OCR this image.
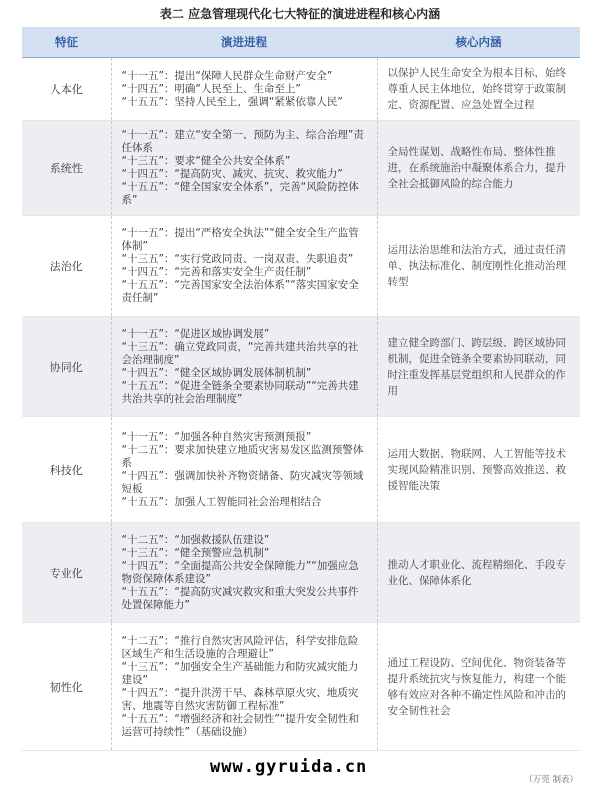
表二 应急管理现代化七大特征的演进进程和核心内涵
特征	演进进程	核心内涵
人本化	“十一五”：提出“保障人民群众生命财产安全”
“十四五”：明确“人民至上、生命至上”
“十五五”：坚持人民至上，强调“紧紧依靠人民”	以保护人民生命安全为根本目标，始终尊重人民主体地位，始终贯穿于政策制定、资源配置、应急处置全过程
系统性	“十一五”：建立“安全第一、预防为主、综合治理”责任体系
“十三五”：要求“健全公共安全体系”
“十四五”：“提高防灾、减灾、抗灾、救灾能力”
“十五五”：“健全国家安全体系”，完善“风险防控体系”	全局性谋划、战略性布局、整体性推进，在系统施治中凝聚体系合力，提升全社会抵御风险的综合能力
法治化	“十一五”：提出“严格安全执法”“健全安全生产监管体制”
“十三五”：“实行党政同责、一岗双责、失职追责”
“十四五”：“完善和落实安全生产责任制”
“十五五”：“完善国家安全法治体系”“落实国家安全责任制”	运用法治思维和法治方式，通过责任清单、执法标准化、制度刚性化推动治理转型
协同化	“十一五”：“促进区域协调发展”
“十三五”：确立党政同责，“完善共建共治共享的社会治理制度”
“十四五”：“健全区域协调发展体制机制”
“十五五”：“促进全链条全要素协同联动”“完善共建共治共享的社会治理制度”	建立健全跨部门、跨层级、跨区域协同机制，促进全链条全要素协同联动，同时注重发挥基层党组织和人民群众的作用
科技化	“十一五”：“加强各种自然灾害预测预报”
“十二五”：要求加快建立地质灾害易发区监测预警体系
“十四五”：强调加快补齐物资储备、防灾减灾等领域短板
“十五五”：加强人工智能同社会治理相结合	运用大数据、物联网、人工智能等技术实现风险精准识别、预警高效推送、救援智能决策
专业化	“十二五”：“加强救援队伍建设”
“十三五”：“健全预警应急机制”
“十四五”：“全面提高公共安全保障能力”“加强应急物资保障体系建设”
“十五五”：“提高防灾减灾救灾和重大突发公共事件处置保障能力”	推动人才职业化、流程精细化、手段专业化、保障体系化
韧性化	“十二五”：“推行自然灾害风险评估，科学安排危险区域生产和生活设施的合理避让”
“十三五”：“加强安全生产基础能力和防灾减灾能力建设”
“十四五”：“提升洪涝干旱、森林草原火灾、地质灾害、地震等自然灾害防御工程标准”
“十五五”：“增强经济和社会韧性”“提升安全韧性和运营可持续性”（基础设施）	通过工程设防、空间优化、物资装备等提升系统抗灾与恢复能力，构建一个能够有效应对各种不确定性风险和冲击的安全韧性社会
www.gyruida.cn
（万莞 制表）
